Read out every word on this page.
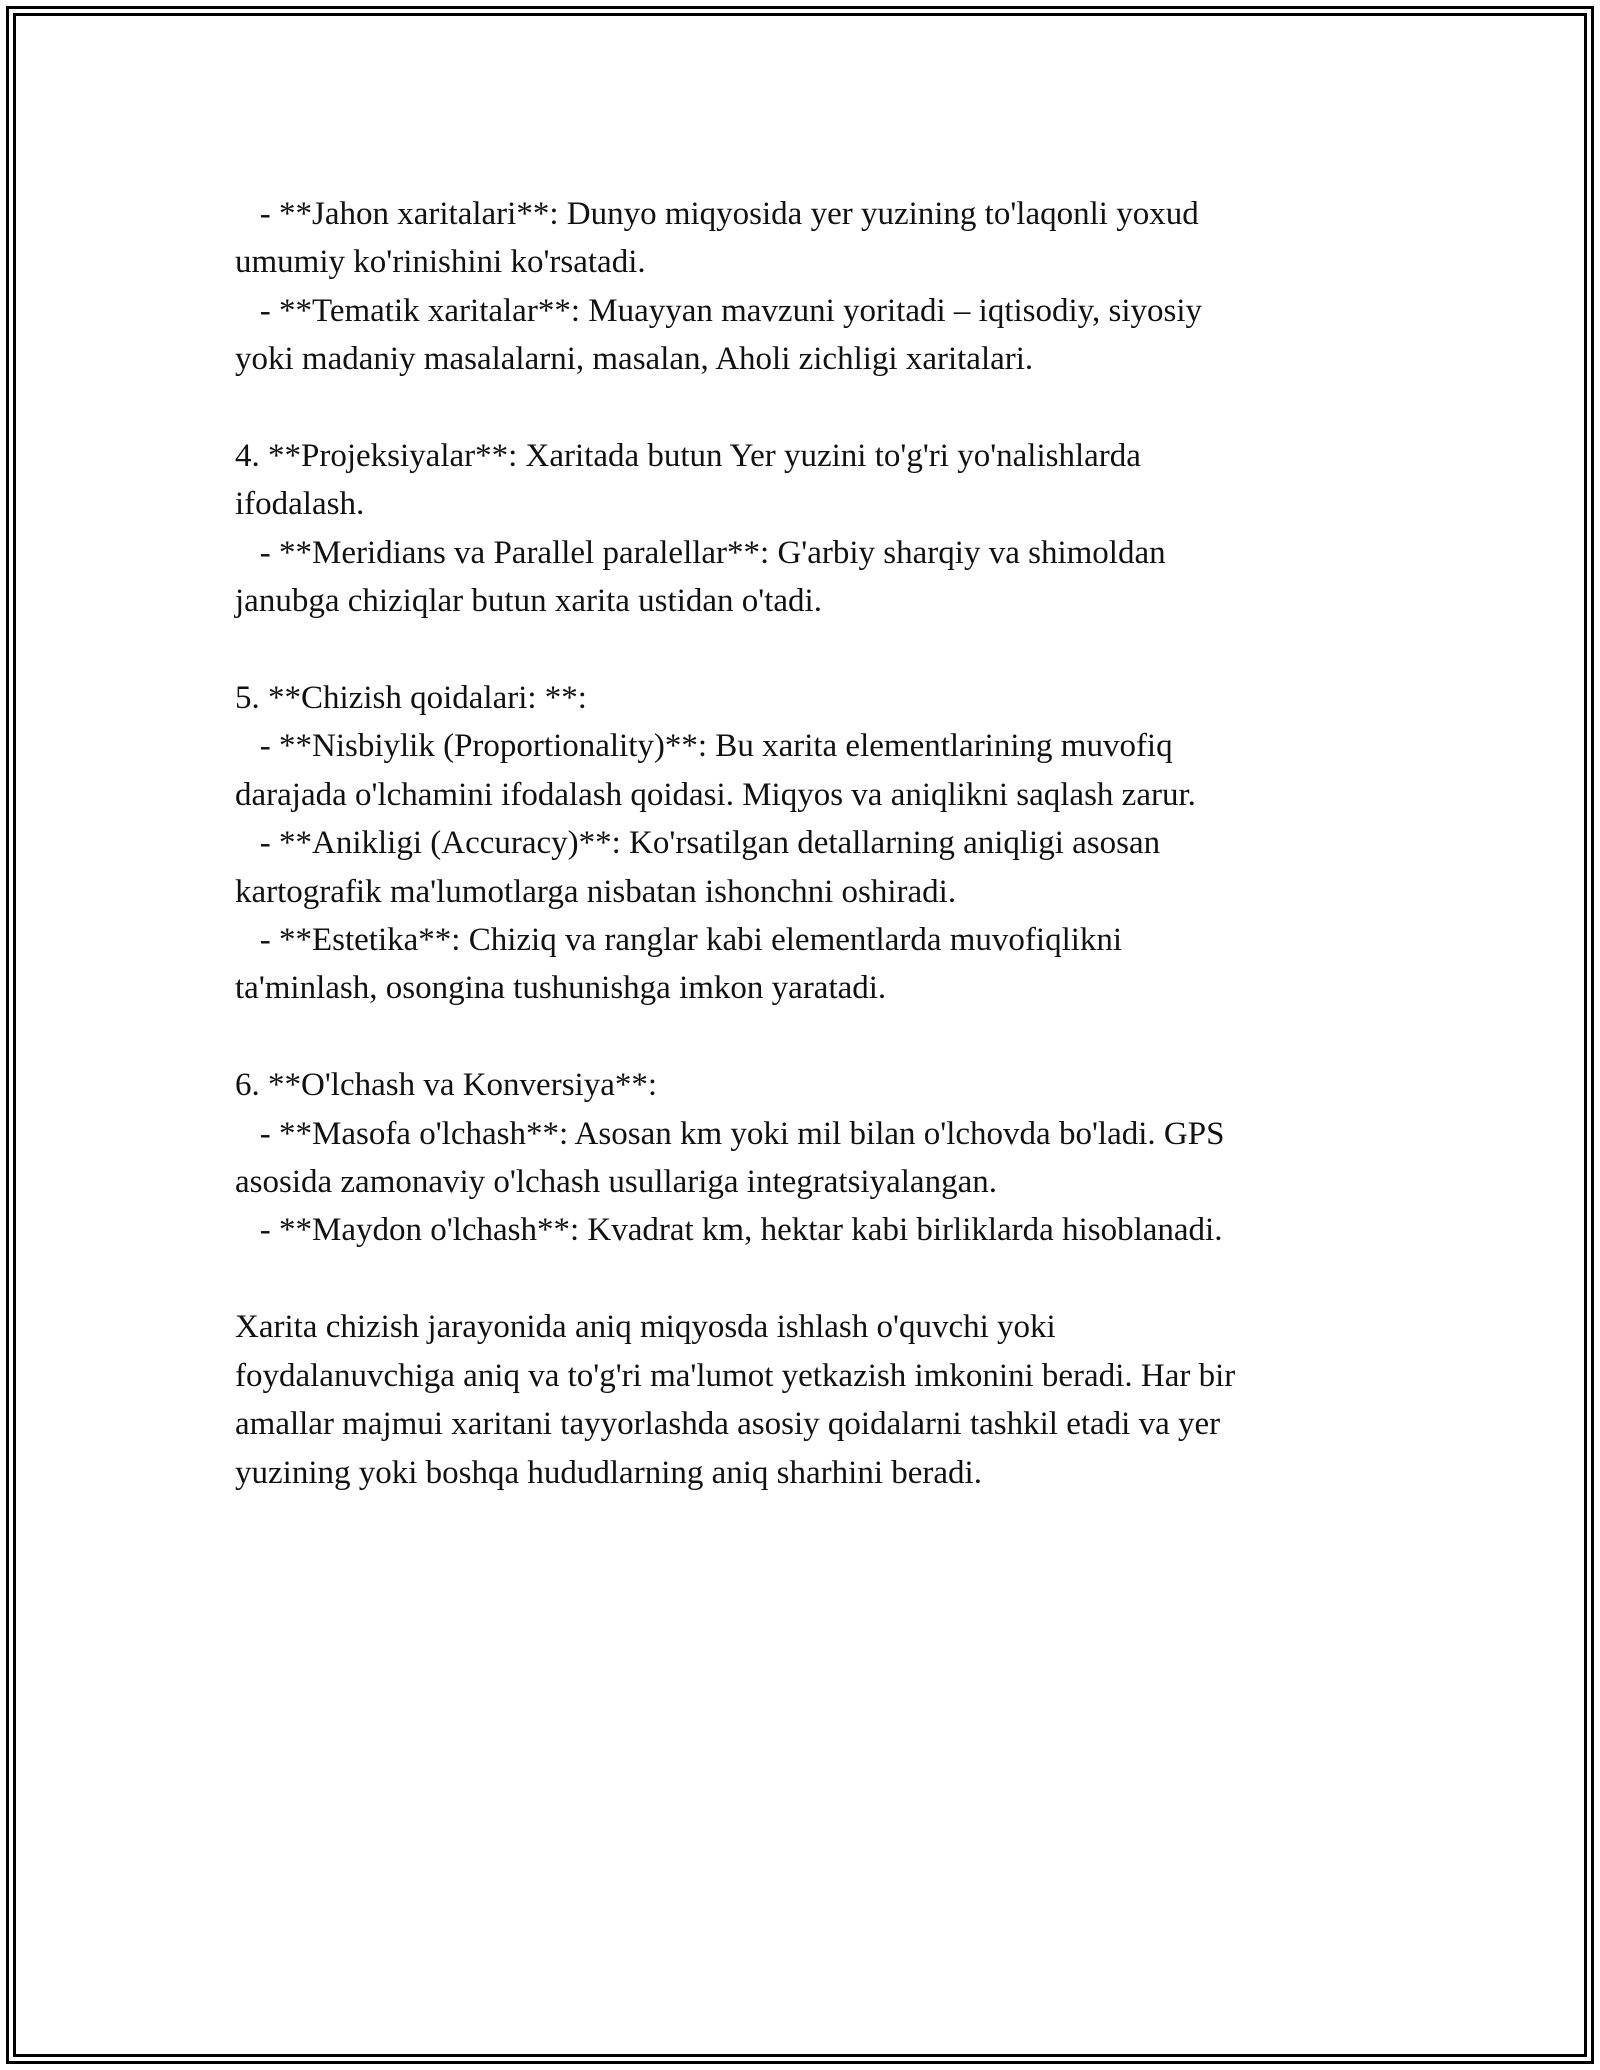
- **Jahon xaritalari**: Dunyo miqyosida yer yuzining to'laqonli yoxud
umumiy ko'rinishini ko'rsatadi.
- **Tematik xaritalar**: Muayyan mavzuni yoritadi – iqtisodiy, siyosiy
yoki madaniy masalalarni, masalan, Aholi zichligi xaritalari.
4. **Projeksiyalar**: Xaritada butun Yer yuzini to'g'ri yo'nalishlarda
ifodalash.
- **Meridians va Parallel paralellar**: G'arbiy sharqiy va shimoldan
janubga chiziqlar butun xarita ustidan o'tadi.
5. **Chizish qoidalari: **:
- **Nisbiylik (Proportionality)**: Bu xarita elementlarining muvofiq
darajada o'lchamini ifodalash qoidasi. Miqyos va aniqlikni saqlash zarur.
- **Anikligi (Accuracy)**: Ko'rsatilgan detallarning aniqligi asosan
kartografik ma'lumotlarga nisbatan ishonchni oshiradi.
- **Estetika**: Chiziq va ranglar kabi elementlarda muvofiqlikni
ta'minlash, osongina tushunishga imkon yaratadi.
6. **O'lchash va Konversiya**:
- **Masofa o'lchash**: Asosan km yoki mil bilan o'lchovda bo'ladi. GPS
asosida zamonaviy o'lchash usullariga integratsiyalangan.
- **Maydon o'lchash**: Kvadrat km, hektar kabi birliklarda hisoblanadi.
Xarita chizish jarayonida aniq miqyosda ishlash o'quvchi yoki
foydalanuvchiga aniq va to'g'ri ma'lumot yetkazish imkonini beradi. Har bir
amallar majmui xaritani tayyorlashda asosiy qoidalarni tashkil etadi va yer
yuzining yoki boshqa hududlarning aniq sharhini beradi.
